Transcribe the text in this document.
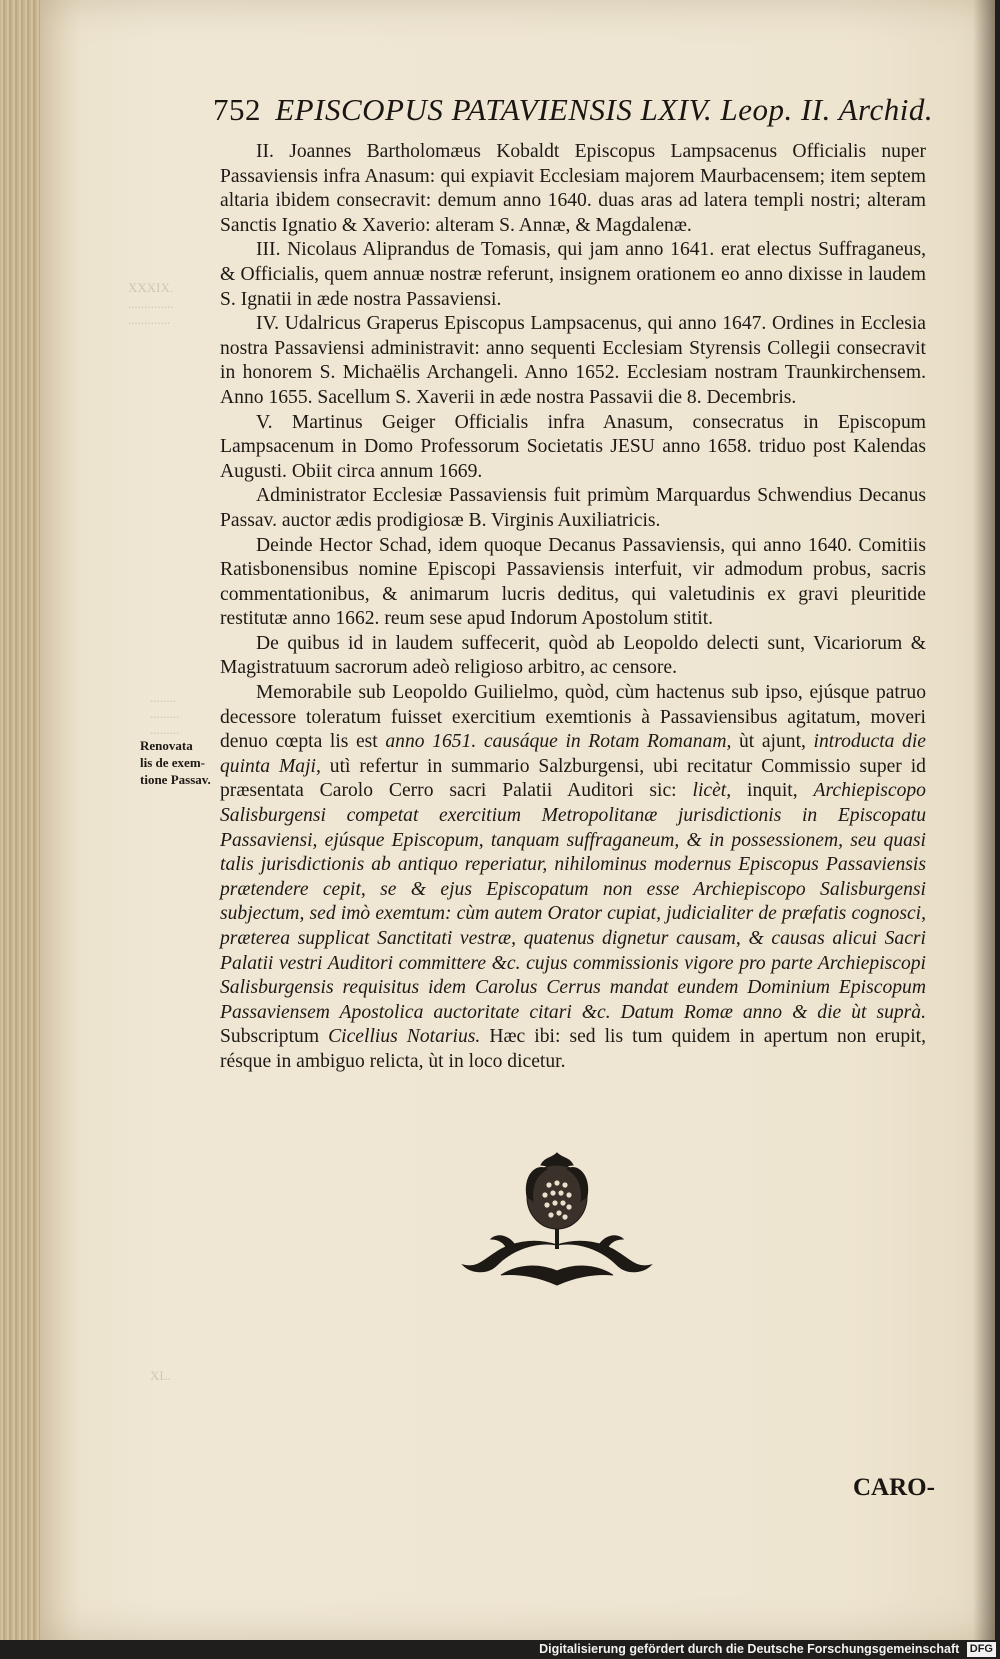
XXXIX.
..............
.............
........
.........
.........
XL.
752 EPISCOPUS PATAVIENSIS LXIV. Leop. II. Archid.

II. Joannes Bartholomæus Kobaldt Episcopus Lampsacenus Officialis nuper Passaviensis infra Anasum: qui expiavit Ecclesiam majorem Maurbacensem; item septem altaria ibidem consecravit: demum anno 1640. duas aras ad latera templi nostri; alteram Sanctis Ignatio & Xaverio: alteram S. Annæ, & Magdalenæ.

III. Nicolaus Aliprandus de Tomasis, qui jam anno 1641. erat electus Suffraganeus, & Officialis, quem annuæ nostræ referunt, insignem orationem eo anno dixisse in laudem S. Ignatii in æde nostra Passaviensi.

IV. Udalricus Graperus Episcopus Lampsacenus, qui anno 1647. Ordines in Ecclesia nostra Passaviensi administravit: anno sequenti Ecclesiam Styrensis Collegii consecravit in honorem S. Michaëlis Archangeli. Anno 1652. Ecclesiam nostram Traunkirchensem. Anno 1655. Sacellum S. Xaverii in æde nostra Passavii die 8. Decembris.

V. Martinus Geiger Officialis infra Anasum, consecratus in Episcopum Lampsacenum in Domo Professorum Societatis JESU anno 1658. triduo post Kalendas Augusti. Obiit circa annum 1669.

Administrator Ecclesiæ Passaviensis fuit primùm Marquardus Schwendius Decanus Passav. auctor ædis prodigiosæ B. Virginis Auxiliatricis.

Deinde Hector Schad, idem quoque Decanus Passaviensis, qui anno 1640. Comitiis Ratisbonensibus nomine Episcopi Passaviensis interfuit, vir admodum probus, sacris commentationibus, & animarum lucris deditus, qui valetudinis ex gravi pleuritide restitutæ anno 1662. reum sese apud Indorum Apostolum stitit.

De quibus id in laudem suffecerit, quòd ab Leopoldo delecti sunt, Vicariorum & Magistratuum sacrorum adeò religioso arbitro, ac censore.

Memorabile sub Leopoldo Guilielmo, quòd, cùm hactenus sub ipso, ejúsque patruo decessore toleratum fuisset exercitium exemtionis à Passaviensibus agitatum, moveri denuo cœpta lis est anno 1651. causáque in Rotam Romanam, ùt ajunt, introducta die quinta Maji, utì refertur in summario Salzburgensi, ubi recitatur Commissio super id præsentata Carolo Cerro sacri Palatii Auditori sic: licèt, inquit, Archiepiscopo Salisburgensi competat exercitium Metropolitanæ jurisdictionis in Episcopatu Passaviensi, ejúsque Episcopum, tanquam suffraganeum, & in possessionem, seu quasi talis jurisdictionis ab antiquo reperiatur, nihilominus modernus Episcopus Passaviensis prætendere cepit, se & ejus Episcopatum non esse Archiepiscopo Salisburgensi subjectum, sed imò exemtum: cùm autem Orator cupiat, judicialiter de præfatis cognosci, præterea supplicat Sanctitati vestræ, quatenus dignetur causam, & causas alicui Sacri Palatii vestri Auditori committere &c. cujus commissionis vigore pro parte Archiepiscopi Salisburgensis requisitus idem Carolus Cerrus mandat eundem Dominium Episcopum Passaviensem Apostolica auctoritate citari &c. Datum Romæ anno & die ùt suprà. Subscriptum Cicellius Notarius. Hæc ibi: sed lis tum quidem in apertum non erupit, résque in ambiguo relicta, ùt in loco dicetur.

Renovata
lis de exem-
tione Passav.
CARO-
Digitalisierung gefördert durch die Deutsche Forschungsgemeinschaft DFG
